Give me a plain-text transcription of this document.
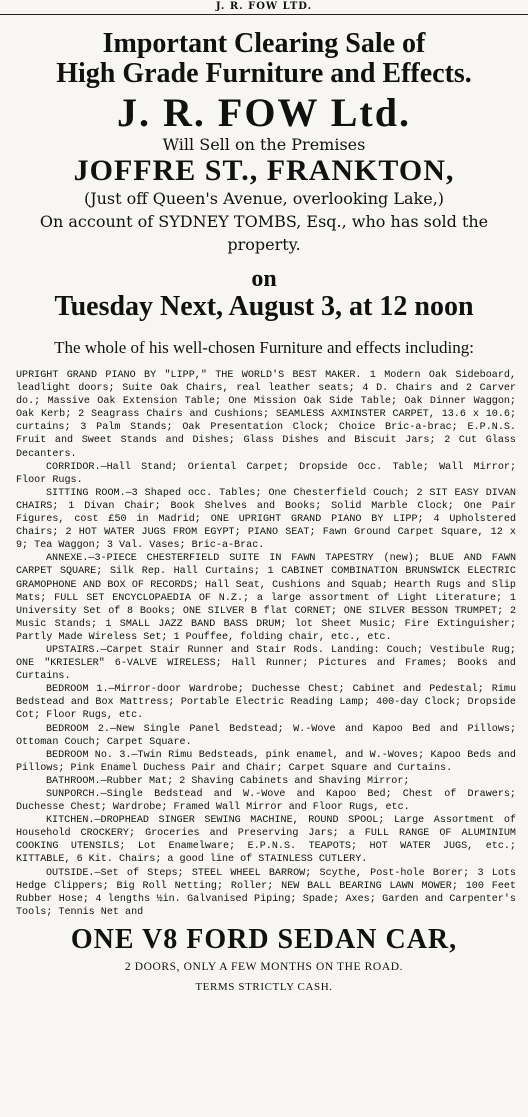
J. R. FOW LTD.
Important Clearing Sale of
High Grade Furniture and Effects.
J. R. FOW Ltd.
Will Sell on the Premises
JOFFRE ST., FRANKTON,
(Just off Queen's Avenue, overlooking Lake,)
On account of SYDNEY TOMBS, Esq., who has sold the property.
on
Tuesday Next, August 3, at 12 noon
The whole of his well-chosen Furniture and effects including:

UPRIGHT GRAND PIANO BY "LIPP," THE WORLD'S BEST MAKER. 1 Modern Oak Sideboard, leadlight doors; Suite Oak Chairs, real leather seats; 4 D. Chairs and 2 Carver do.; Massive Oak Extension Table; One Mission Oak Side Table; Oak Dinner Waggon; Oak Kerb; 2 Seagrass Chairs and Cushions; SEAMLESS AXMINSTER CARPET, 13.6 x 10.6; curtains; 3 Palm Stands; Oak Presentation Clock; Choice Bric-a-brac; E.P.N.S. Fruit and Sweet Stands and Dishes; Glass Dishes and Biscuit Jars; 2 Cut Glass Decanters.

CORRIDOR.—Hall Stand; Oriental Carpet; Dropside Occ. Table; Wall Mirror; Floor Rugs.

SITTING ROOM.—3 Shaped occ. Tables; One Chesterfield Couch; 2 SIT EASY DIVAN CHAIRS; 1 Divan Chair; Book Shelves and Books; Solid Marble Clock; One Pair Figures, cost £50 in Madrid; ONE UPRIGHT GRAND PIANO BY LIPP; 4 Upholstered Chairs; 2 HOT WATER JUGS FROM EGYPT; PIANO SEAT; Fawn Ground Carpet Square, 12 x 9; Tea Waggon; 3 Val. Vases; Bric-a-Brac.

ANNEXE.—3-PIECE CHESTERFIELD SUITE IN FAWN TAPESTRY (new); BLUE AND FAWN CARPET SQUARE; Silk Rep. Hall Curtains; 1 CABINET COMBINATION BRUNSWICK ELECTRIC GRAMOPHONE AND BOX OF RECORDS; Hall Seat, Cushions and Squab; Hearth Rugs and Slip Mats; FULL SET ENCYCLOPAEDIA OF N.Z.; a large assortment of Light Literature; 1 University Set of 8 Books; ONE SILVER B flat CORNET; ONE SILVER BESSON TRUMPET; 2 Music Stands; 1 SMALL JAZZ BAND BASS DRUM; lot Sheet Music; Fire Extinguisher; Partly Made Wireless Set; 1 Pouffee, folding chair, etc., etc.

UPSTAIRS.—Carpet Stair Runner and Stair Rods. Landing: Couch; Vestibule Rug; ONE "KRIESLER" 6-VALVE WIRELESS; Hall Runner; Pictures and Frames; Books and Curtains.

BEDROOM 1.—Mirror-door Wardrobe; Duchesse Chest; Cabinet and Pedestal; Rimu Bedstead and Box Mattress; Portable Electric Reading Lamp; 400-day Clock; Dropside Cot; Floor Rugs, etc.

BEDROOM 2.—New Single Panel Bedstead; W.-Wove and Kapoo Bed and Pillows; Ottoman Couch; Carpet Square.

BEDROOM No. 3.—Twin Rimu Bedsteads, pink enamel, and W.-Woves; Kapoo Beds and Pillows; Pink Enamel Duchess Pair and Chair; Carpet Square and Curtains.

BATHROOM.—Rubber Mat; 2 Shaving Cabinets and Shaving Mirror;

SUNPORCH.—Single Bedstead and W.-Wove and Kapoo Bed; Chest of Drawers; Duchesse Chest; Wardrobe; Framed Wall Mirror and Floor Rugs, etc.

KITCHEN.—DROPHEAD SINGER SEWING MACHINE, ROUND SPOOL; Large Assortment of Household CROCKERY; Groceries and Preserving Jars; a FULL RANGE OF ALUMINIUM COOKING UTENSILS; Lot Enamelware; E.P.N.S. TEAPOTS; HOT WATER JUGS, etc.; KITTABLE, 6 Kit. Chairs; a good line of STAINLESS CUTLERY.

OUTSIDE.—Set of Steps; STEEL WHEEL BARROW; Scythe, Post-hole Borer; 3 Lots Hedge Clippers; Big Roll Netting; Roller; NEW BALL BEARING LAWN MOWER; 100 Feet Rubber Hose; 4 lengths ½in. Galvanised Piping; Spade; Axes; Garden and Carpenter's Tools; Tennis Net and

ONE V8 FORD SEDAN CAR,
2 DOORS, ONLY A FEW MONTHS ON THE ROAD.
TERMS STRICTLY CASH.
